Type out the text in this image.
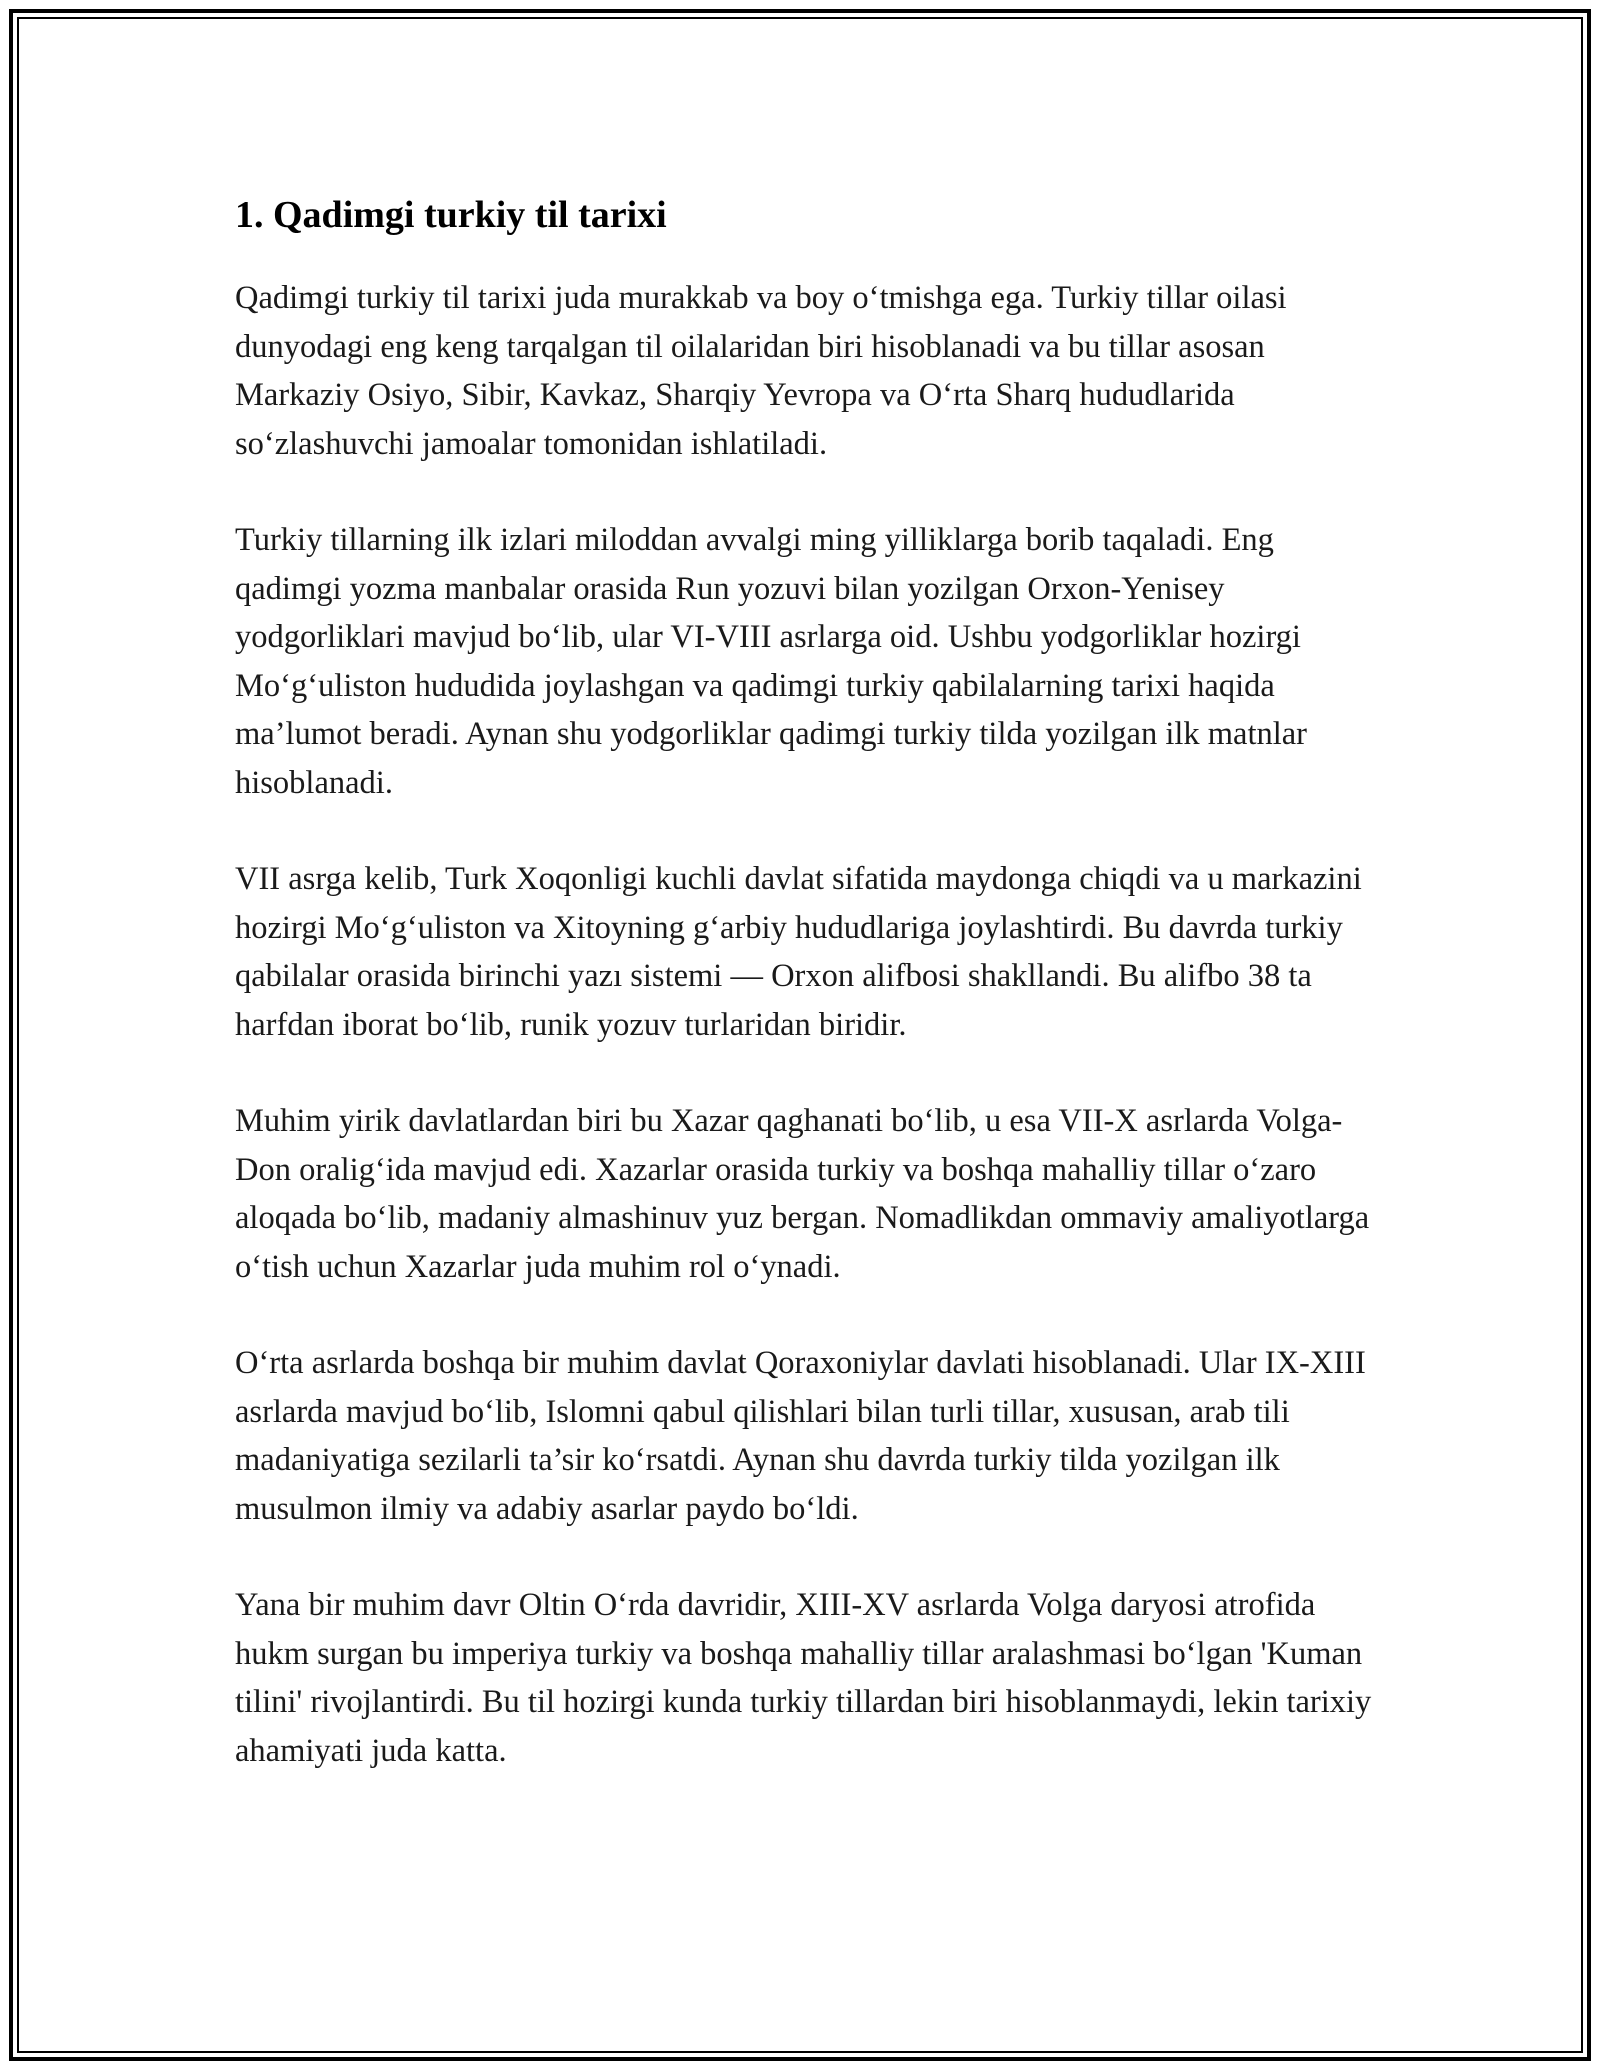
1. Qadimgi turkiy til tarixi

Qadimgi turkiy til tarixi juda murakkab va boy o‘tmishga ega. Turkiy tillar oilasi dunyodagi eng keng tarqalgan til oilalaridan biri hisoblanadi va bu tillar asosan Markaziy Osiyo, Sibir, Kavkaz, Sharqiy Yevropa va O‘rta Sharq hududlarida so‘zlashuvchi jamoalar tomonidan ishlatiladi.

Turkiy tillarning ilk izlari miloddan avvalgi ming yilliklarga borib taqaladi. Eng qadimgi yozma manbalar orasida Run yozuvi bilan yozilgan Orxon-Yenisey yodgorliklari mavjud bo‘lib, ular VI-VIII asrlarga oid. Ushbu yodgorliklar hozirgi Mo‘g‘uliston hududida joylashgan va qadimgi turkiy qabilalarning tarixi haqida ma’lumot beradi. Aynan shu yodgorliklar qadimgi turkiy tilda yozilgan ilk matnlar hisoblanadi.

VII asrga kelib, Turk Xoqonligi kuchli davlat sifatida maydonga chiqdi va u markazini hozirgi Mo‘g‘uliston va Xitoyning g‘arbiy hududlariga joylashtirdi. Bu davrda turkiy qabilalar orasida birinchi yazı sistemi — Orxon alifbosi shakllandi. Bu alifbo 38 ta harfdan iborat bo‘lib, runik yozuv turlaridan biridir.

Muhim yirik davlatlardan biri bu Xazar qaghanati bo‘lib, u esa VII-X asrlarda Volga-Don oralig‘ida mavjud edi. Xazarlar orasida turkiy va boshqa mahalliy tillar o‘zaro aloqada bo‘lib, madaniy almashinuv yuz bergan. Nomadlikdan ommaviy amaliyotlarga o‘tish uchun Xazarlar juda muhim rol o‘ynadi.

O‘rta asrlarda boshqa bir muhim davlat Qoraxoniylar davlati hisoblanadi. Ular IX-XIII asrlarda mavjud bo‘lib, Islomni qabul qilishlari bilan turli tillar, xususan, arab tili madaniyatiga sezilarli ta’sir ko‘rsatdi. Aynan shu davrda turkiy tilda yozilgan ilk musulmon ilmiy va adabiy asarlar paydo bo‘ldi.

Yana bir muhim davr Oltin O‘rda davridir, XIII-XV asrlarda Volga daryosi atrofida hukm surgan bu imperiya turkiy va boshqa mahalliy tillar aralashmasi bo‘lgan 'Kuman tilini' rivojlantirdi. Bu til hozirgi kunda turkiy tillardan biri hisoblanmaydi, lekin tarixiy ahamiyati juda katta.
